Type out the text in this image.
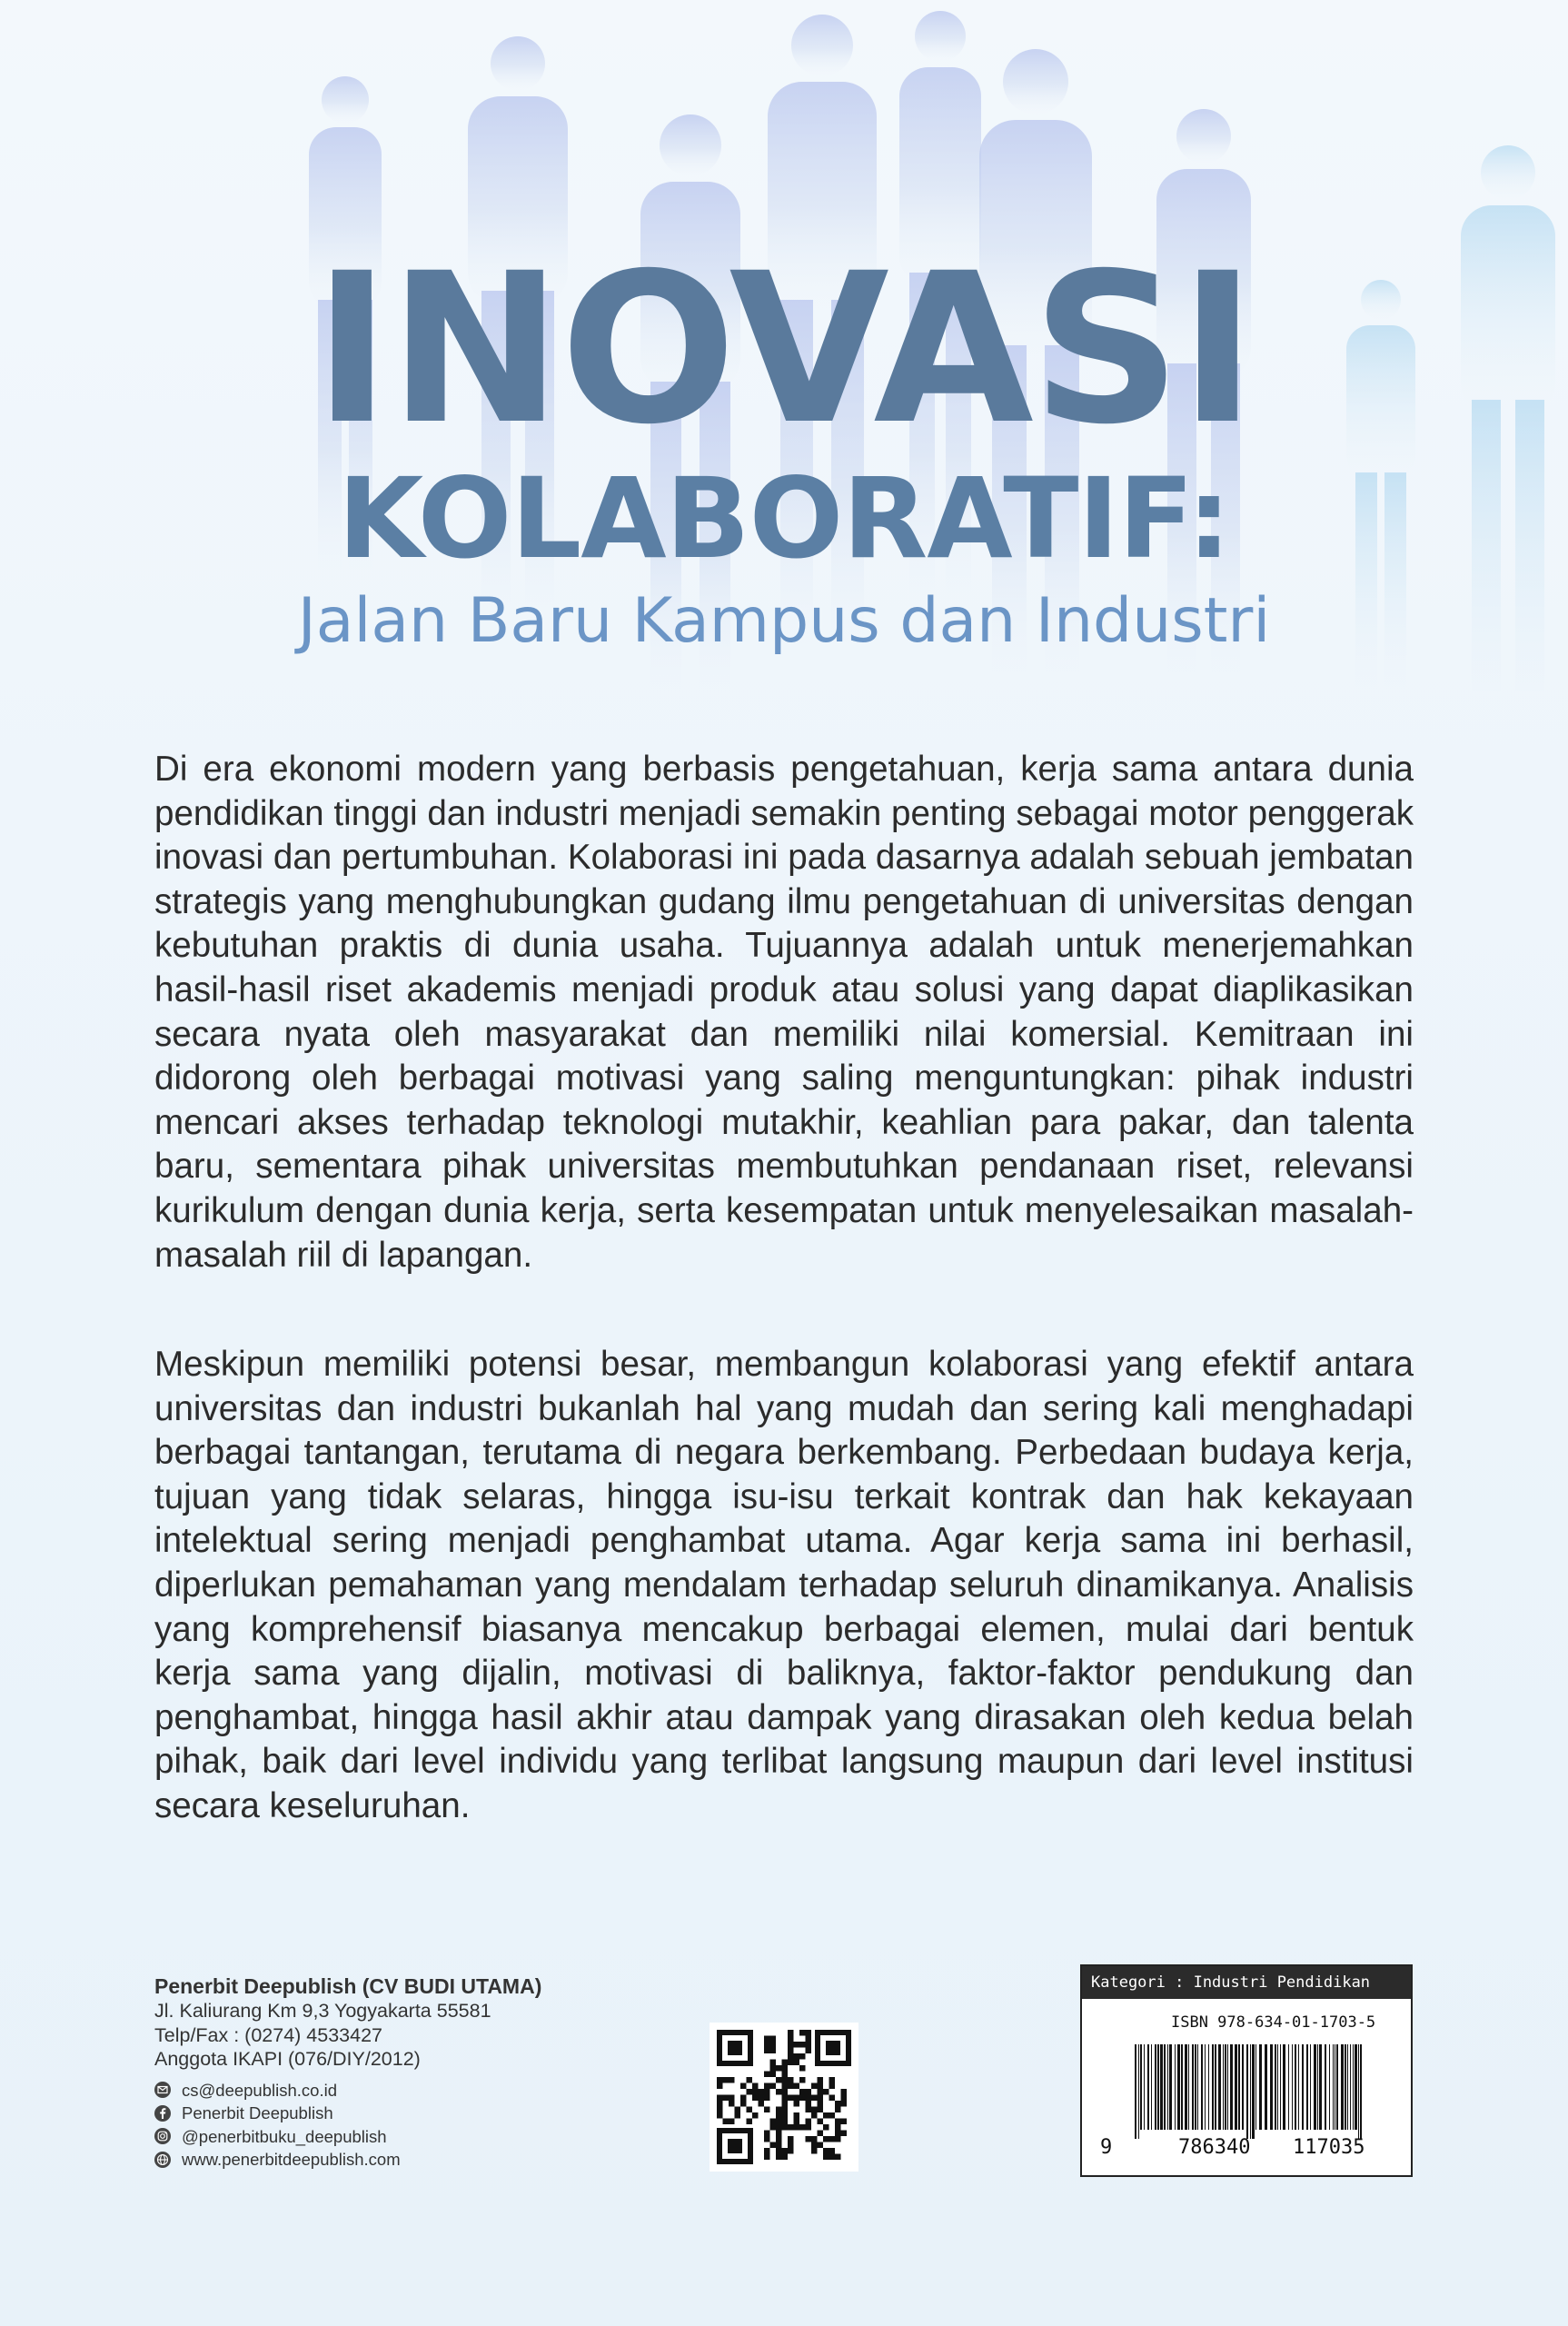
INOVASI
KOLABORATIF:
Jalan Baru Kampus dan Industri

Di era ekonomi modern yang berbasis pengetahuan, kerja sama antara dunia pendidikan tinggi dan industri menjadi semakin penting sebagai motor penggerak inovasi dan pertumbuhan. Kolaborasi ini pada dasarnya adalah sebuah jembatan strategis yang menghubungkan gudang ilmu pengetahuan di universitas dengan kebutuhan praktis di dunia usaha. Tujuannya adalah untuk menerjemahkan hasil-hasil riset akademis menjadi produk atau solusi yang dapat diaplikasikan secara nyata oleh masyarakat dan memiliki nilai komersial. Kemitraan ini didorong oleh berbagai motivasi yang saling menguntungkan: pihak industri mencari akses terhadap teknologi mutakhir, keahlian para pakar, dan talenta baru, sementara pihak universitas membutuhkan pendanaan riset, relevansi kurikulum dengan dunia kerja, serta kesempatan untuk menyelesaikan masalah-masalah riil di lapangan.

Meskipun memiliki potensi besar, membangun kolaborasi yang efektif antara universitas dan industri bukanlah hal yang mudah dan sering kali menghadapi berbagai tantangan, terutama di negara berkembang. Perbedaan budaya kerja, tujuan yang tidak selaras, hingga isu-isu terkait kontrak dan hak kekayaan intelektual sering menjadi penghambat utama. Agar kerja sama ini berhasil, diperlukan pemahaman yang mendalam terhadap seluruh dinamikanya. Analisis yang komprehensif biasanya mencakup berbagai elemen, mulai dari bentuk kerja sama yang dijalin, motivasi di baliknya, faktor-faktor pendukung dan penghambat, hingga hasil akhir atau dampak yang dirasakan oleh kedua belah pihak, baik dari level individu yang terlibat langsung maupun dari level institusi secara keseluruhan.

Penerbit Deepublish (CV BUDI UTAMA)
Jl. Kaliurang Km 9,3 Yogyakarta 55581
Telp/Fax : (0274) 4533427
Anggota IKAPI (076/DIY/2012)
cs@deepublish.co.id
Penerbit Deepublish
@penerbitbuku_deepublish
www.penerbitdeepublish.com
Kategori : Industri Pendidikan
ISBN 978-634-01-1703-5
9	786340 117035
